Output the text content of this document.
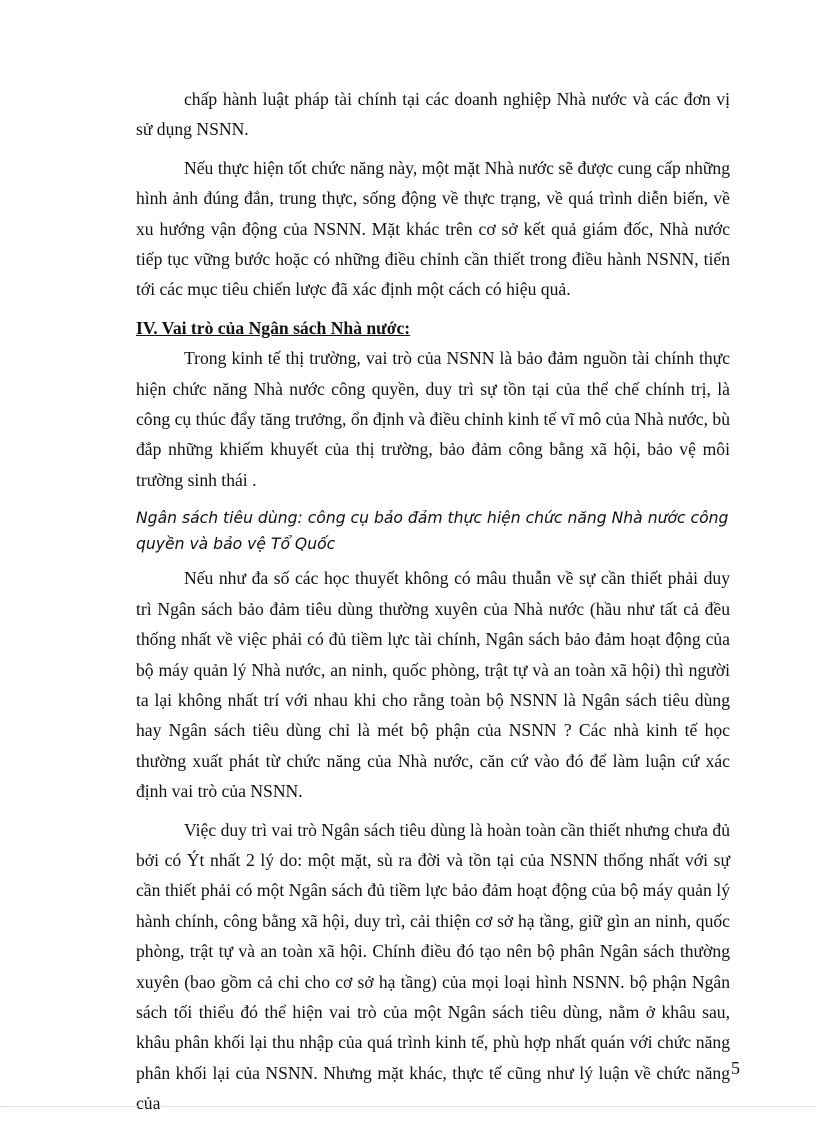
chấp hành luật pháp tài chính tại các doanh nghiệp Nhà nước và các đơn vị sử dụng NSNN.

Nếu thực hiện tốt chức năng này, một mặt Nhà nước sẽ được cung cấp những hình ảnh đúng đắn, trung thực, sống động về thực trạng, về quá trình diễn biến, về xu hướng vận động của NSNN. Mặt khác trên cơ sở kết quả giám đốc, Nhà nước tiếp tục vững bước hoặc có những điều chỉnh cần thiết trong điều hành NSNN, tiến tới các mục tiêu chiến lược đã xác định một cách có hiệu quả.

IV. Vai trò của Ngân sách Nhà nước:

Trong kinh tế thị trường, vai trò của NSNN là bảo đảm nguồn tài chính thực hiện chức năng Nhà nước công quyền, duy trì sự tồn tại của thể chế chính trị, là công cụ thúc đẩy tăng trưởng, ổn định và điều chỉnh kinh tế vĩ mô của Nhà nước, bù đắp những khiếm khuyết của thị trường, bảo đảm công bằng xã hội, bảo vệ môi trường sinh thái .

Ngân sách tiêu dùng: công cụ bảo đảm thực hiện chức năng Nhà nước công quyền và bảo vệ Tổ Quốc

Nếu như đa số các học thuyết không có mâu thuẫn về sự cần thiết phải duy trì Ngân sách bảo đảm tiêu dùng thường xuyên của Nhà nước (hầu như tất cả đều thống nhất về việc phải có đủ tiềm lực tài chính, Ngân sách bảo đảm hoạt động của bộ máy quản lý Nhà nước, an ninh, quốc phòng, trật tự và an toàn xã hội) thì người ta lại không nhất trí với nhau khi cho rằng toàn bộ NSNN là Ngân sách tiêu dùng hay Ngân sách tiêu dùng chỉ là mét bộ phận của NSNN ? Các nhà kinh tế học thường xuất phát từ chức năng của Nhà nước, căn cứ vào đó để làm luận cứ xác định vai trò của NSNN.

Việc duy trì vai trò Ngân sách tiêu dùng là hoàn toàn cần thiết nhưng chưa đủ bởi có Ýt nhất 2 lý do: một mặt, sù ra đời và tồn tại của NSNN thống nhất với sự cần thiết phải có một Ngân sách đủ tiềm lực bảo đảm hoạt động của bộ máy quản lý hành chính, công bằng xã hội, duy trì, cải thiện cơ sở hạ tầng, giữ gìn an ninh, quốc phòng, trật tự và an toàn xã hội. Chính điều đó tạo nên bộ phân Ngân sách thường xuyên (bao gồm cả chi cho cơ sở hạ tầng) của mọi loại hình NSNN. bộ phận Ngân sách tối thiểu đó thể hiện vai trò của một Ngân sách tiêu dùng, nằm ở khâu sau, khâu phân khối lại thu nhập của quá trình kinh tế, phù hợp nhất quán với chức năng phân khối lại của NSNN. Nhưng mặt khác, thực tế cũng như lý luận về chức năng của

5
